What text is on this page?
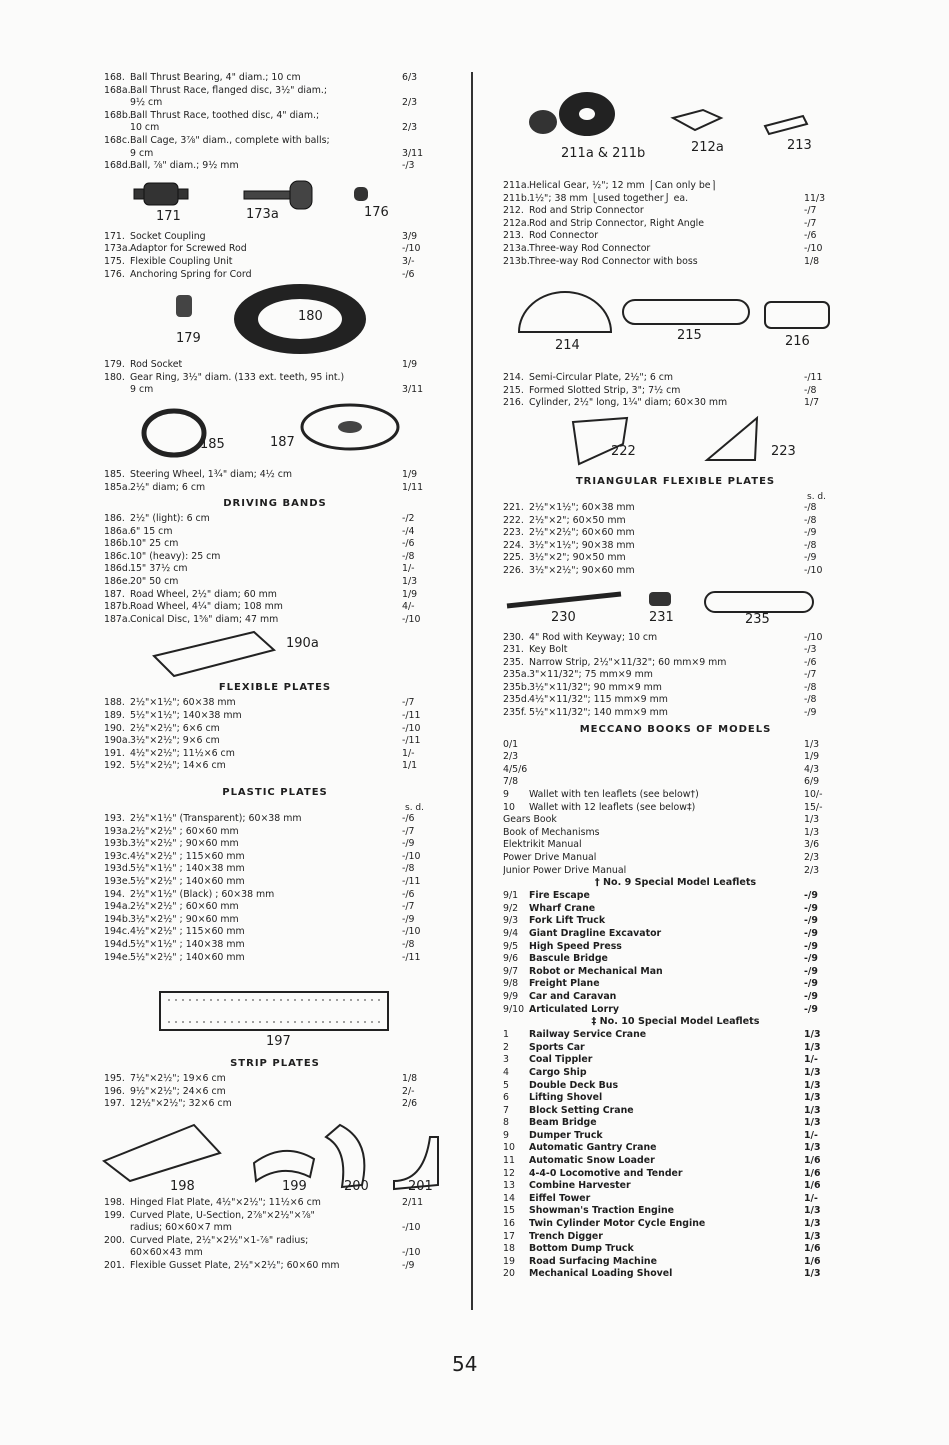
168. Ball Thrust Bearing, 4" diam.; 10 cm	6/3
168a. Ball Thrust Race, flanged disc, 3½" diam.;
9½ cm	2/3
168b. Ball Thrust Race, toothed disc, 4" diam.;
10 cm	2/3
168c. Ball Cage, 3⅞" diam., complete with balls;
9 cm	3/11
168d. Ball, ⅞" diam.; 9½ mm	-/3
171	173a	176
171. Socket Coupling	3/9
173a. Adaptor for Screwed Rod	-/10
175. Flexible Coupling Unit	3/-
176. Anchoring Spring for Cord	-/6
179
180
179. Rod Socket	1/9
180. Gear Ring, 3½" diam. (133 ext. teeth, 95 int.)
9 cm	3/11
185	187
185. Steering Wheel, 1¾" diam; 4½ cm	1/9
185a. 2½" diam; 6 cm	1/11
DRIVING BANDS
186. 2½" (light): 6 cm	-/2
186a. 6" 15 cm	-/4
186b. 10" 25 cm	-/6
186c. 10" (heavy): 25 cm	-/8
186d. 15" 37½ cm	1/-
186e. 20" 50 cm	1/3
187. Road Wheel, 2½" diam; 60 mm	1/9
187b. Road Wheel, 4¼" diam; 108 mm	4/-
187a. Conical Disc, 1⅝" diam; 47 mm	-/10
190a
FLEXIBLE PLATES
188. 2½"×1½"; 60×38 mm	-/7
189. 5½"×1½"; 140×38 mm	-/11
190. 2½"×2½"; 6×6 cm	-/10
190a. 3½"×2½"; 9×6 cm	-/11
191. 4½"×2½"; 11½×6 cm	1/-
192. 5½"×2½"; 14×6 cm	1/1
PLASTIC PLATES
s. d.
193. 2½"×1½" (Transparent); 60×38 mm	-/6
193a. 2½"×2½" ; 60×60 mm	-/7
193b. 3½"×2½" ; 90×60 mm	-/9
193c. 4½"×2½" ; 115×60 mm	-/10
193d. 5½"×1½" ; 140×38 mm	-/8
193e. 5½"×2½" ; 140×60 mm	-/11
194. 2½"×1½" (Black) ; 60×38 mm	-/6
194a. 2½"×2½" ; 60×60 mm	-/7
194b. 3½"×2½" ; 90×60 mm	-/9
194c. 4½"×2½" ; 115×60 mm	-/10
194d. 5½"×1½" ; 140×38 mm	-/8
194e. 5½"×2½" ; 140×60 mm	-/11
197
STRIP PLATES
195. 7½"×2½"; 19×6 cm	1/8
196. 9½"×2½"; 24×6 cm	2/-
197. 12½"×2½"; 32×6 cm	2/6
198	199	200	201
198. Hinged Flat Plate, 4½"×2½"; 11½×6 cm	2/11
199. Curved Plate, U-Section, 2⅞"×2½"×⅞"
radius; 60×60×7 mm	-/10
200. Curved Plate, 2½"×2½"×1-⅞" radius;
60×60×43 mm	-/10
201. Flexible Gusset Plate, 2½"×2½"; 60×60 mm	-/9
211a & 211b	212a	213
211a. Helical Gear, ½"; 12 mm ⎧Can only be⎫
211b. 1½"; 38 mm ⎩used together⎭ ea.	11/3
212. Rod and Strip Connector	-/7
212a. Rod and Strip Connector, Right Angle	-/7
213. Rod Connector	-/6
213a. Three-way Rod Connector	-/10
213b. Three-way Rod Connector with boss	1/8
214
215	216
214. Semi-Circular Plate, 2½"; 6 cm	-/11
215. Formed Slotted Strip, 3"; 7½ cm	-/8
216. Cylinder, 2½" long, 1¼" diam; 60×30 mm	1/7
222	223
TRIANGULAR FLEXIBLE PLATES
s. d.
221. 2½"×1½"; 60×38 mm	-/8
222. 2½"×2"; 60×50 mm	-/8
223. 2½"×2½"; 60×60 mm	-/9
224. 3½"×1½"; 90×38 mm	-/8
225. 3½"×2"; 90×50 mm	-/9
226. 3½"×2½"; 90×60 mm	-/10
230	231	235
230. 4" Rod with Keyway; 10 cm	-/10
231. Key Bolt	-/3
235. Narrow Strip, 2½"×11/32"; 60 mm×9 mm	-/6
235a. 3"×11/32"; 75 mm×9 mm	-/7
235b. 3½"×11/32"; 90 mm×9 mm	-/8
235d. 4½"×11/32"; 115 mm×9 mm	-/8
235f. 5½"×11/32"; 140 mm×9 mm	-/9
MECCANO BOOKS OF MODELS
0/1	1/3
2/3	1/9
4/5/6	4/3
7/8	6/9
9	Wallet with ten leaflets (see below†)	10/-
10	Wallet with 12 leaflets (see below‡)	15/-
Gears Book	1/3
Book of Mechanisms	1/3
Elektrikit Manual	3/6
Power Drive Manual	2/3
Junior Power Drive Manual	2/3
† No. 9 Special Model Leaflets
9/1	Fire Escape	-/9
9/2	Wharf Crane	-/9
9/3	Fork Lift Truck	-/9
9/4	Giant Dragline Excavator	-/9
9/5	High Speed Press	-/9
9/6	Bascule Bridge	-/9
9/7	Robot or Mechanical Man	-/9
9/8	Freight Plane	-/9
9/9	Car and Caravan	-/9
9/10 Articulated Lorry	-/9
‡ No. 10 Special Model Leaflets
1	Railway Service Crane	1/3
2	Sports Car	1/3
3	Coal Tippler	1/-
4	Cargo Ship	1/3
5	Double Deck Bus	1/3
6	Lifting Shovel	1/3
7	Block Setting Crane	1/3
8	Beam Bridge	1/3
9	Dumper Truck	1/-
10	Automatic Gantry Crane	1/3
11	Automatic Snow Loader	1/6
12	4-4-0 Locomotive and Tender	1/6
13	Combine Harvester	1/6
14	Eiffel Tower	1/-
15	Showman's Traction Engine	1/3
16	Twin Cylinder Motor Cycle Engine	1/3
17	Trench Digger	1/3
18	Bottom Dump Truck	1/6
19	Road Surfacing Machine	1/6
20	Mechanical Loading Shovel	1/3
54
